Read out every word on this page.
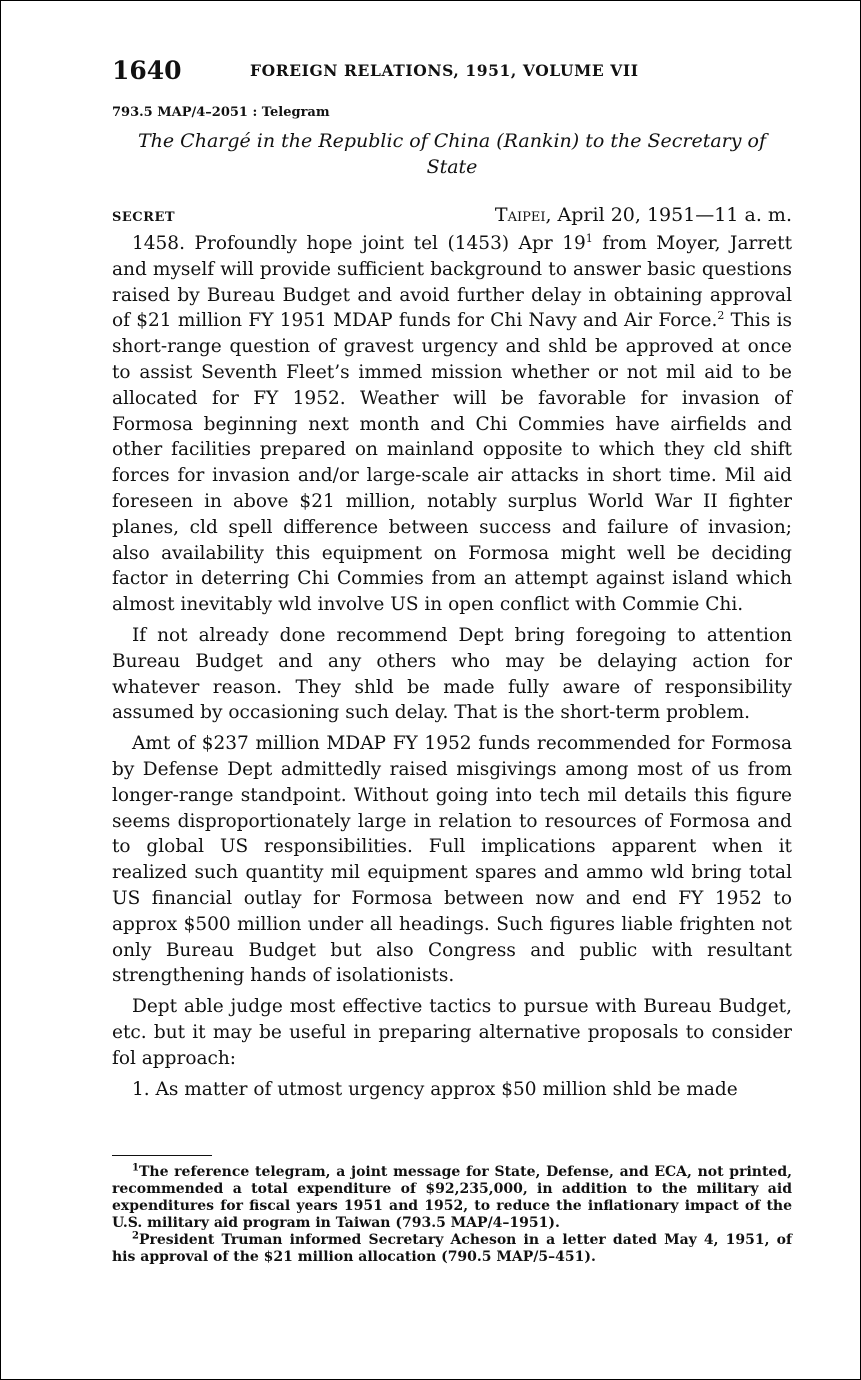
1640	FOREIGN RELATIONS, 1951, VOLUME VII
793.5 MAP/4–2051 : Telegram
The Chargé in the Republic of China (Rankin) to the Secretary of State
SECRET	Taipei, April 20, 1951—11 a. m.

1458. Profoundly hope joint tel (1453) Apr $19^1$ from Moyer, Jarrett and myself will provide sufficient background to answer basic questions raised by Bureau Budget and avoid further delay in obtaining approval of $21 million FY 1951 MDAP funds for Chi Navy and Air Force.$^2$ This is short-range question of gravest urgency and shld be approved at once to assist Seventh Fleet’s immed mission whether or not mil aid to be allocated for FY 1952. Weather will be favorable for invasion of Formosa beginning next month and Chi Commies have airfields and other facilities prepared on mainland opposite to which they cld shift forces for invasion and/or large-scale air attacks in short time. Mil aid foreseen in above $21 million, notably surplus World War II fighter planes, cld spell difference between success and failure of invasion; also availability this equipment on Formosa might well be deciding factor in deterring Chi Commies from an attempt against island which almost inevitably wld involve US in open conflict with Commie Chi.

If not already done recommend Dept bring foregoing to attention Bureau Budget and any others who may be delaying action for whatever reason. They shld be made fully aware of responsibility assumed by occasioning such delay. That is the short-term problem.

Amt of $237 million MDAP FY 1952 funds recommended for Formosa by Defense Dept admittedly raised misgivings among most of us from longer-range standpoint. Without going into tech mil details this figure seems disproportionately large in relation to resources of Formosa and to global US responsibilities. Full implications apparent when it realized such quantity mil equipment spares and ammo wld bring total US financial outlay for Formosa between now and end FY 1952 to approx $500 million under all headings. Such figures liable frighten not only Bureau Budget but also Congress and public with resultant strengthening hands of isolationists.

Dept able judge most effective tactics to pursue with Bureau Budget, etc. but it may be useful in preparing alternative proposals to consider fol approach:

1. As matter of utmost urgency approx $50 million shld be made

$^1$The reference telegram, a joint message for State, Defense, and ECA, not printed, recommended a total expenditure of $92,235,000, in addition to the military aid expenditures for fiscal years 1951 and 1952, to reduce the inflationary impact of the U.S. military aid program in Taiwan (793.5 MAP/4–1951).

$^2$President Truman informed Secretary Acheson in a letter dated May 4, 1951, of his approval of the $21 million allocation (790.5 MAP/5–451).
